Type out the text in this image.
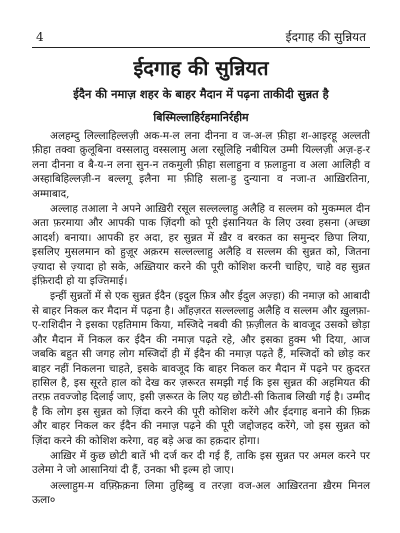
4	ईदगाह की सुन्नियत
ईदगाह की सुन्नियत
ईदैन की नमाज़ शहर के बाहर मैदान में पढ़ना ताकीदी सुन्नत है
बिस्मिल्लाहिर्रहमानिर्रहीम

अलहम्दु लिल्लाहिल्लज़ी अक-म-ल लना दीनना व ज-अ-ल फ़ीहा श-आइरहू अल्लती फ़ीहा तक्वा क़ुलूबिना वस्सलातु वस्सलामु अला रसूलिहि नबीयिल उम्मी यिल्लज़ी अज़-ह-र लना दीनना व बै-य-न लना सुन-न तकमुली फ़ीहा सलाहुना व फ़लाहुना व अला आलिही व अस्हाबिहिल्लज़ी-न बल्लगू इलैना मा फ़ीहि सला-हु दुन्याना व नजा-त आख़िरतिना, अम्माबाद,

अल्लाह तआला ने अपने आख़िरी रसूल सल्लल्लाहु अलैहि व सल्लम को मुकम्मल दीन अता फ़रमाया और आपकी पाक ज़िंदगी को पूरी इंसानियत के लिए उस्वा हसना (अच्छा आदर्श) बनाया। आपकी हर अदा, हर सुन्नत में ख़ैर व बरकत का समुन्दर छिपा लिया, इसलिए मुसलमान को हुज़ूर अक़रम सल्लल्लाहु अलैहि व सल्लम की सुन्नत को, जितना ज़्यादा से ज़्यादा हो सके, अख़्तियार करने की पूरी कोशिश करनी चाहिए, चाहे वह सुन्नत इंफ़िरादी हो या इज्तिमाई।

इन्हीं सुन्नतों में से एक सुन्नत ईदैन (इदुल फ़ित्र और ईदुल अज़्हा) की नमाज़ को आबादी से बाहर निकल कर मैदान में पढ़ना है। आँहज़रत सल्लल्लाहु अलैहि व सल्लम और ख़ुलफ़ा-ए-राशिदीन ने इसका एहतिमाम किया, मस्जिदे नबवी की फ़ज़ीलत के बावजूद उसको छोड़ा और मैदान में निकल कर ईदैन की नमाज़ पढ़ते रहे, और इसका हुक्म भी दिया, आज जबकि बहुत सी जगह लोग मस्जिदों ही में ईदैन की नमाज़ पढ़ते हैं, मस्जिदों को छोड़ कर बाहर नहीं निकलना चाहते, इसके बावजूद कि बाहर निकल कर मैदान में पढ़ने पर क़ुदरत हासिल है, इस सूरते हाल को देख कर ज़रूरत समझी गई कि इस सुन्नत की अहमियत की तरफ़ तवज्जोह दिलाई जाए, इसी ज़रूरत के लिए यह छोटी-सी किताब लिखी गई है। उम्मीद है कि लोग इस सुन्नत को ज़िंदा करने की पूरी कोशिश करेंगे और ईदगाह बनाने की फ़िक्र और बाहर निकल कर ईदैन की नमाज़ पढ़ने की पूरी जद्दोजहद करेंगे, जो इस सुन्नत को ज़िंदा करने की कोशिश करेगा, वह बड़े अज्र का हक़दार होगा।

आख़िर में कुछ छोटी बातें भी दर्ज कर दी गई हैं, ताकि इस सुन्नत पर अमल करने पर उलेमा ने जो आसानियां दी हैं, उनका भी इल्म हो जाए।

अल्लाहुम-म वफ़्फ़िक़ना लिमा तुहिब्बु व तरज़ा वज-अल आख़िरतना ख़ैरम मिनल ऊला०
